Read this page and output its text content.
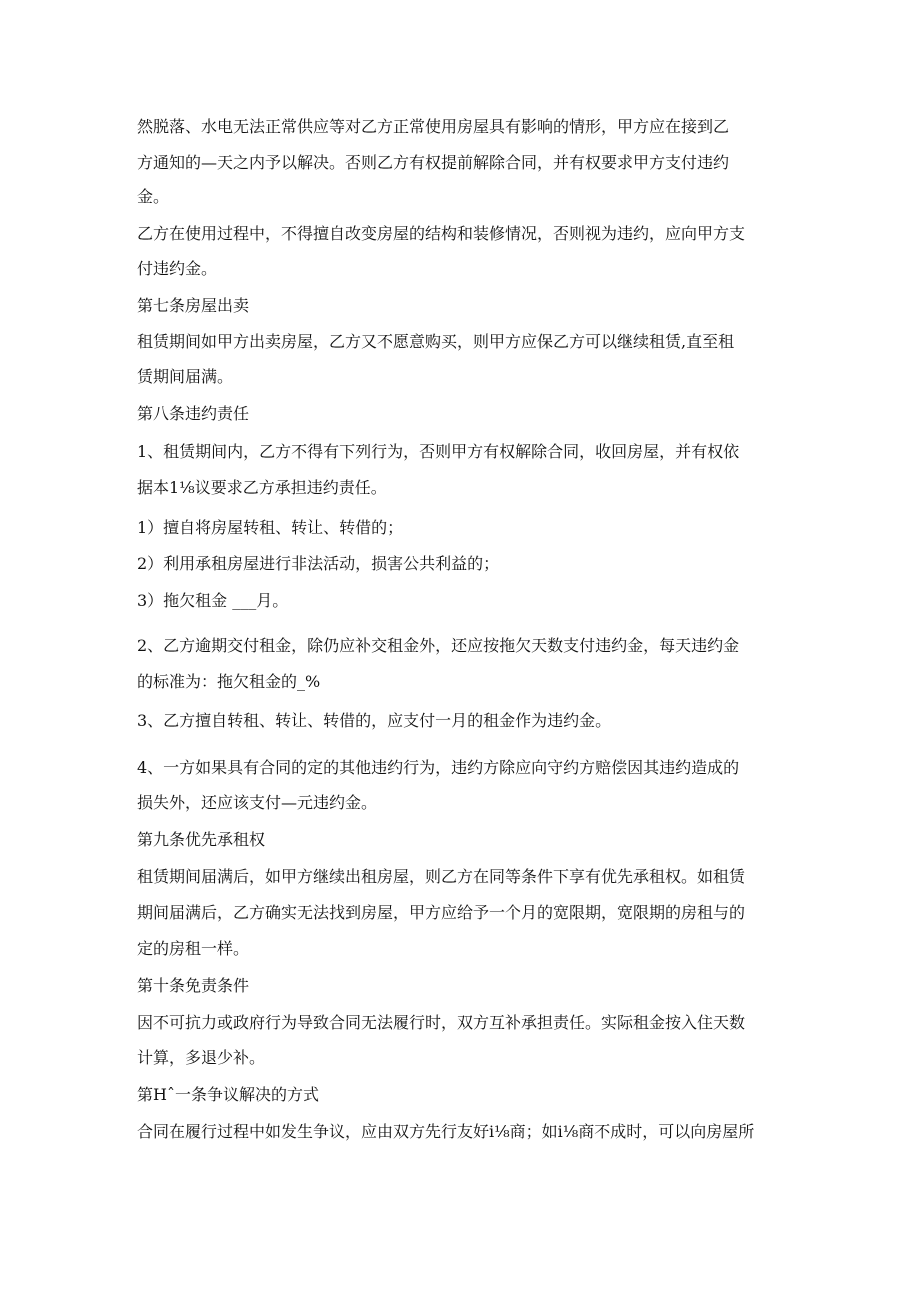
然脱落、水电无法正常供应等对乙方正常使用房屋具有影响的情形，甲方应在接到乙
方通知的—天之内予以解决。否则乙方有权提前解除合同，并有权要求甲方支付违约
金。
乙方在使用过程中，不得擅自改变房屋的结构和装修情况，否则视为违约，应向甲方支
付违约金。
第七条房屋出卖
租赁期间如甲方出卖房屋，乙方又不愿意购买，则甲方应保乙方可以继续租赁,直至租
赁期间届满。
第八条违约责任
1、租赁期间内，乙方不得有下列行为，否则甲方有权解除合同，收回房屋，并有权依
据本1⅛议要求乙方承担违约责任。
1）擅自将房屋转租、转让、转借的；
2）利用承租房屋进行非法活动，损害公共利益的；
3）拖欠租金 ___月。
2、乙方逾期交付租金，除仍应补交租金外，还应按拖欠天数支付违约金，每天违约金
的标准为：拖欠租金的_%
3、乙方擅自转租、转让、转借的，应支付一月的租金作为违约金。
4、一方如果具有合同的定的其他违约行为，违约方除应向守约方赔偿因其违约造成的
损失外，还应该支付—元违约金。
第九条优先承租权
租赁期间届满后，如甲方继续出租房屋，则乙方在同等条件下享有优先承租权。如租赁
期间届满后，乙方确实无法找到房屋，甲方应给予一个月的宽限期，宽限期的房租与的
定的房租一样。
第十条免责条件
因不可抗力或政府行为导致合同无法履行时，双方互补承担责任。实际租金按入住天数
计算，多退少补。
第Hˆ一条争议解决的方式
合同在履行过程中如发生争议，应由双方先行友好i⅛商；如i⅛商不成时，可以向房屋所
